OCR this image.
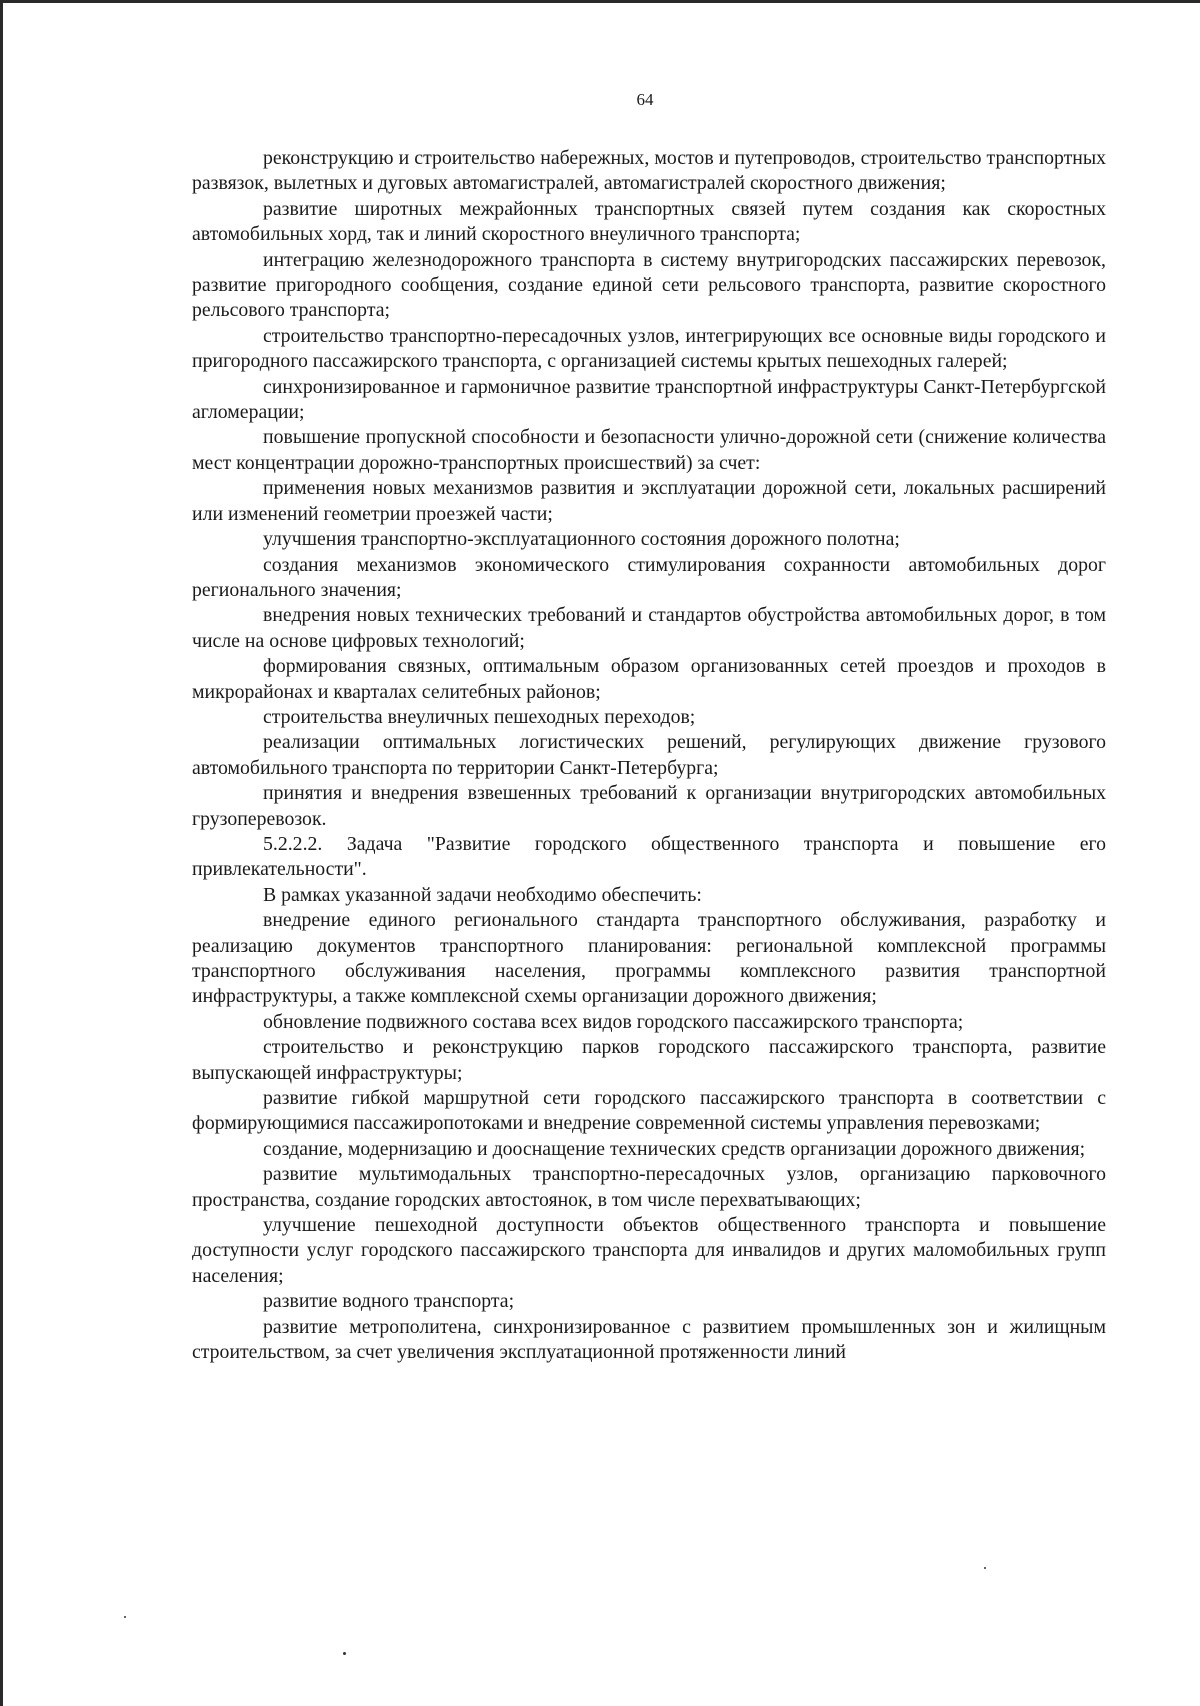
64

реконструкцию и строительство набережных, мостов и путепроводов, строительство транспортных развязок, вылетных и дуговых автомагистралей, автомагистралей скоростного движения;

развитие широтных межрайонных транспортных связей путем создания как скоростных автомобильных хорд, так и линий скоростного внеуличного транспорта;

интеграцию железнодорожного транспорта в систему внутригородских пассажирских перевозок, развитие пригородного сообщения, создание единой сети рельсового транспорта, развитие скоростного рельсового транспорта;

строительство транспортно-пересадочных узлов, интегрирующих все основные виды городского и пригородного пассажирского транспорта, с организацией системы крытых пешеходных галерей;

синхронизированное и гармоничное развитие транспортной инфраструктуры Санкт-Петербургской агломерации;

повышение пропускной способности и безопасности улично-дорожной сети (снижение количества мест концентрации дорожно-транспортных происшествий) за счет:

применения новых механизмов развития и эксплуатации дорожной сети, локальных расширений или изменений геометрии проезжей части;

улучшения транспортно-эксплуатационного состояния дорожного полотна;

создания механизмов экономического стимулирования сохранности автомобильных дорог регионального значения;

внедрения новых технических требований и стандартов обустройства автомобильных дорог, в том числе на основе цифровых технологий;

формирования связных, оптимальным образом организованных сетей проездов и проходов в микрорайонах и кварталах селитебных районов;

строительства внеуличных пешеходных переходов;

реализации оптимальных логистических решений, регулирующих движение грузового автомобильного транспорта по территории Санкт-Петербурга;

принятия и внедрения взвешенных требований к организации внутригородских автомобильных грузоперевозок.

5.2.2.2. Задача "Развитие городского общественного транспорта и повышение его привлекательности".

В рамках указанной задачи необходимо обеспечить:

внедрение единого регионального стандарта транспортного обслуживания, разработку и реализацию документов транспортного планирования: региональной комплексной программы транспортного обслуживания населения, программы комплексного развития транспортной инфраструктуры, а также комплексной схемы организации дорожного движения;

обновление подвижного состава всех видов городского пассажирского транспорта;

строительство и реконструкцию парков городского пассажирского транспорта, развитие выпускающей инфраструктуры;

развитие гибкой маршрутной сети городского пассажирского транспорта в соответствии с формирующимися пассажиропотоками и внедрение современной системы управления перевозками;

создание, модернизацию и дооснащение технических средств организации дорожного движения;

развитие мультимодальных транспортно-пересадочных узлов, организацию парковочного пространства, создание городских автостоянок, в том числе перехватывающих;

улучшение пешеходной доступности объектов общественного транспорта и повышение доступности услуг городского пассажирского транспорта для инвалидов и других маломобильных групп населения;

развитие водного транспорта;

развитие метрополитена, синхронизированное с развитием промышленных зон и жилищным строительством, за счет увеличения эксплуатационной протяженности линий
